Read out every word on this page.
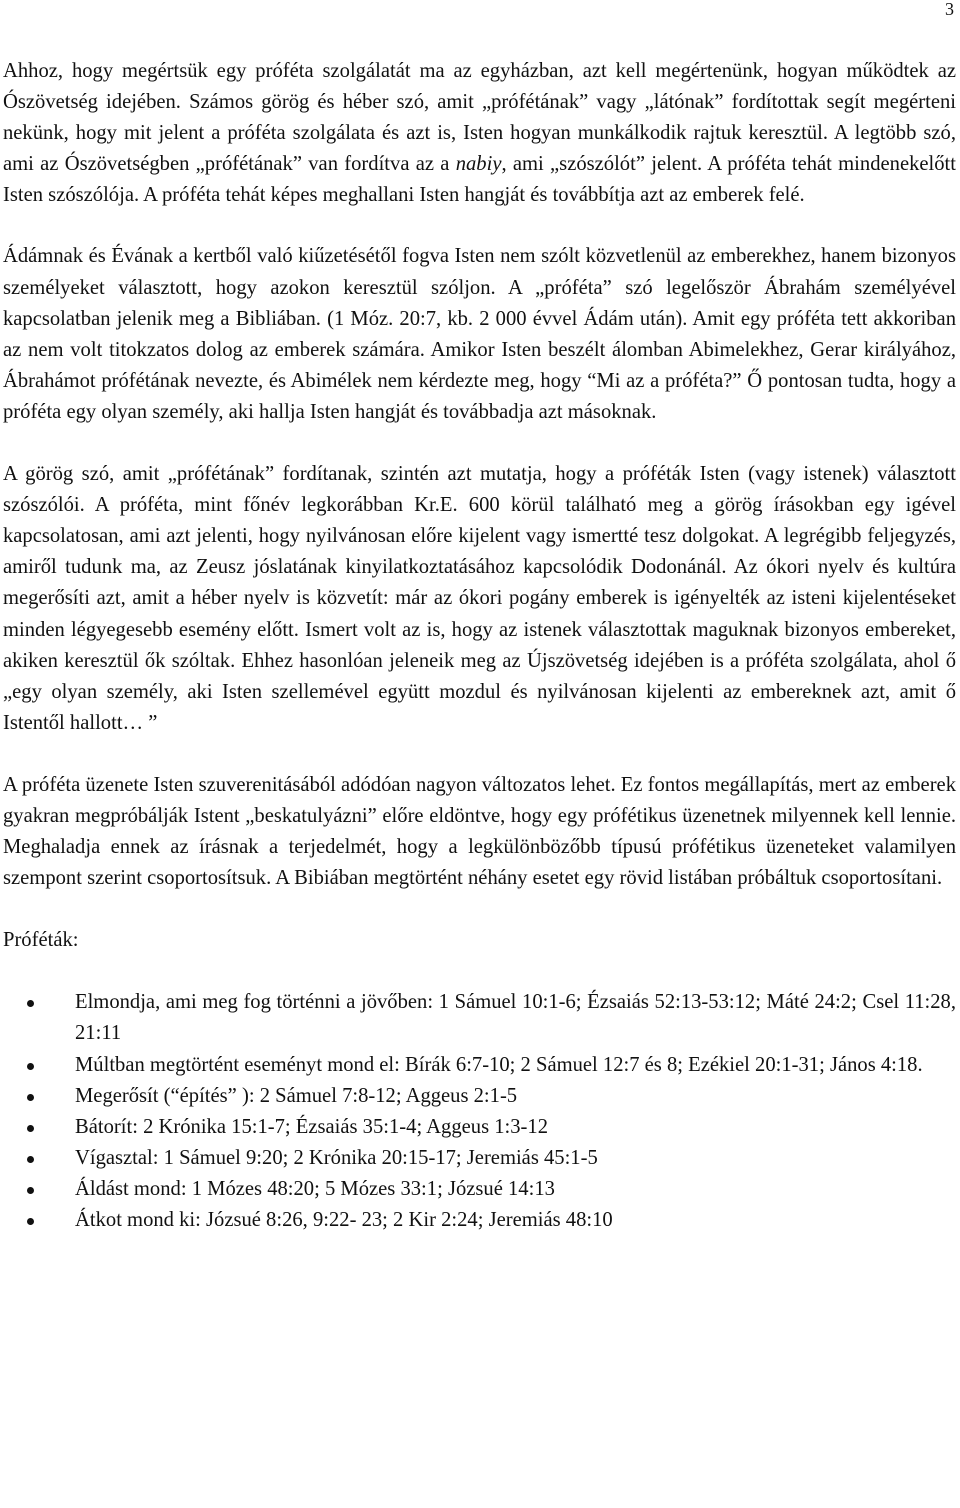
3

Ahhoz, hogy megértsük egy próféta szolgálatát ma az egyházban, azt kell megértenünk, hogyan működtek az Ószövetség idejében. Számos görög és héber szó, amit „prófétának” vagy „látónak” fordítottak segít megérteni nekünk, hogy mit jelent a próféta szolgálata és azt is, Isten hogyan munkálkodik rajtuk keresztül. A legtöbb szó, ami az Ószövetségben „prófétának” van fordítva az a nabiy, ami „szószólót” jelent. A próféta tehát mindenekelőtt Isten szószólója. A próféta tehát képes meghallani Isten hangját és továbbítja azt az emberek felé.

Ádámnak és Évának a kertből való kiűzetésétől fogva Isten nem szólt közvetlenül az emberekhez, hanem bizonyos személyeket választott, hogy azokon keresztül szóljon. A „próféta” szó legelőször Ábrahám személyével kapcsolatban jelenik meg a Bibliában. (1 Móz. 20:7, kb. 2 000 évvel Ádám után). Amit egy próféta tett akkoriban az nem volt titokzatos dolog az emberek számára. Amikor Isten beszélt álomban Abimelekhez, Gerar királyához, Ábrahámot prófétának nevezte, és Abimélek nem kérdezte meg, hogy “Mi az a próféta?” Ő pontosan tudta, hogy a próféta egy olyan személy, aki hallja Isten hangját és továbbadja azt másoknak.

A görög szó, amit „prófétának” fordítanak, szintén azt mutatja, hogy a próféták Isten (vagy istenek) választott szószólói. A próféta, mint főnév legkorábban Kr.E. 600 körül található meg a görög írásokban egy igével kapcsolatosan, ami azt jelenti, hogy nyilvánosan előre kijelent vagy ismertté tesz dolgokat. A legrégibb feljegyzés, amiről tudunk ma, az Zeusz jóslatának kinyilatkoztatásához kapcsolódik Dodonánál. Az ókori nyelv és kultúra megerősíti azt, amit a héber nyelv is közvetít: már az ókori pogány emberek is igényelték az isteni kijelentéseket minden légyegesebb esemény előtt. Ismert volt az is, hogy az istenek választottak maguknak bizonyos embereket, akiken keresztül ők szóltak. Ehhez hasonlóan jeleneik meg az Újszövetség idejében is a próféta szolgálata, ahol ő „egy olyan személy, aki Isten szellemével együtt mozdul és nyilvánosan kijelenti az embereknek azt, amit ő Istentől hallott… ”

A próféta üzenete Isten szuverenitásából adódóan nagyon változatos lehet. Ez fontos megállapítás, mert az emberek gyakran megpróbálják Istent „beskatulyázni” előre eldöntve, hogy egy prófétikus üzenetnek milyennek kell lennie. Meghaladja ennek az írásnak a terjedelmét, hogy a legkülönbözőbb típusú prófétikus üzeneteket valamilyen szempont szerint csoportosítsuk. A Bibiában megtörtént néhány esetet egy rövid listában próbáltuk csoportosítani.

Próféták:

Elmondja, ami meg fog történni a jövőben: 1 Sámuel 10:1-6; Ézsaiás 52:13-53:12; Máté 24:2; Csel 11:28, 21:11
Múltban megtörtént eseményt mond el: Bírák 6:7-10; 2 Sámuel 12:7 és 8; Ezékiel 20:1-31; János 4:18.
Megerősít (“építés” ): 2 Sámuel 7:8-12; Aggeus 2:1-5
Bátorít: 2 Krónika 15:1-7; Ézsaiás 35:1-4; Aggeus 1:3-12
Vígasztal: 1 Sámuel 9:20; 2 Krónika 20:15-17; Jeremiás 45:1-5
Áldást mond: 1 Mózes 48:20; 5 Mózes 33:1; Józsué 14:13
Átkot mond ki: Józsué 8:26, 9:22- 23; 2 Kir 2:24; Jeremiás 48:10
